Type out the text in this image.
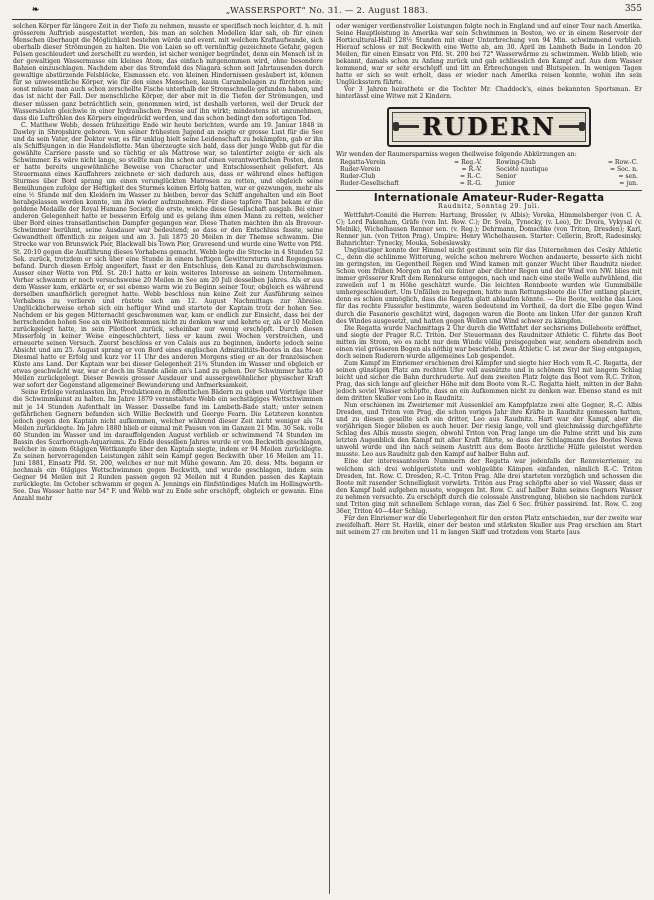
❧	„WASSERSPORT“ No. 31. — 2. August 1883.	355

solchen Körper für längere Zeit in der Tiefe zu nehmen, musste er specifisch noch leichter, d. h. mit grösserem Auftrieb ausgestattet werden, bis man an solchen Modellen klar sah, ob für einen Menschen überhaupt die Möglichkeit bestehen würde und event. mit welchem Kraftaufwande, sich oberhalb dieser Strömungen zu halten. Die von Laien so oft vernünftig gezeichnete Gefahr, gegen Felsen geschleudert und zerschellt zu werden, ist sicher weniger begründet, denn ein Mensch ist in der gewaltigen Wassermasse ein kleines Atom, das einfach mitgenommen wird, ohne besondere Bahnen einzuschlagen. Nachdem aber das Stromfeld des Niagara schon seit Jahrtausenden durch gewaltige abstürzende Felsblöcke, Eismassen etc. von kleinen Hindernissen gesäubert ist, können für so unwesentliche Körper, wie für den eines Menschen, kaum Carambolagen zu fürchten sein; sonst müsste man auch schon zerschellte Fische unterhalb der Stromschnelle gefunden haben, und das ist nicht der Fall. Der menschliche Körper, der aber mit in die Tiefen der Strömungen, und dieser müssen ganz beträchtlich sein, genommen wird, ist deshalb verloren, weil der Druck der Wassersäulen gleichwie in einer hydraulischen Presse auf ihn wirkt; mindestens ist anzunehmen, dass die Luftröhlen des Körpers eingedrückt werden, und das schon bedingt den sofortigen Tod.

C. Matthew Webb, dessen frühzeitige Ende wir heute berichten, wurde am 19. Januar 1848 in Dawley in Shropshire geboren. Von seiner frühesten Jugend an zeigte er grosse Lust für die See und da sein Vater, der Doktor war, es für unklug hielt seine Leidenschaft zu bekämpfen, gab er ihn als Schiffsjungen in die Handelsflotte. Man überzeugte sich bald, dass der junge Webb gut für die gewählte Carriere passte und so tüchtig er als Mattrose war, so talentirter zeigte er sich als Schwimmer. Es wäre nicht lange, so stellte man ihn schon auf einen verantwortlichen Posten, denn er hatte bereits ungewöhnliche Beweise von Character und Entschlossenheit geliefert. Als Steuermann eines Kauffahrers zeichnete er sich dadurch aus, dass er während eines heftigen Sturmes über Bord sprang um einen verunglückten Matrosen zu retten, und obgleich seine Bemühungen zufolge der Heftigkeit des Sturmes keinen Erfolg hatten, war er gezwungen, mehr als eine ½ Stunde mit den Kleidern im Wasser zu bleiben, bevor das Schiff angehalten und ein Boot herabgelassen werden konnte, um ihn wieder aufzunehmen. Für diese tapfere That bekam er die goldene Medaille der Royal Humane Society, die erste, welche diese Gesellschaft ausgab. Bei einer anderen Gelegenheit hatte er besseren Erfolg und es gelang ihm einen Mann zu retten, welcher über Bord eines transatlantischen Dampfer gegangen war. Diese Thaten machten ihn als Bravour-Schwimmer berühmt, seine Ausdauer war bedeutend; so dass er den Entschluss fasste, seine Gewandtheit öffentlich zu zeigen und am 3. Juli 1875 20 Meilen in der Themse schwamm. Die Strecke war von Brunswick Pier, Blackwall bis Town Pier, Gravesend und wurde eine Wette von Pfd. St. 20:10 gegen die Ausführung dieses Vorhabens gemacht. Webb legte die Strecke in 4 Stunden 52 Sek. zurück, trotzdem er sich über eine Stunde in einem heftigen Gewittersturm und Regengusss befand. Durch diesen Erfolg angeeifert, fasst er den Entschluss, den Kanal zu durchschwimmen. Ausser einer Wette von Pfd. St. 20:1 hatte er kein weiteres Interesse an seinem Unternehmen. Vorher schwamm er noch versuchsweise 20 Meilen in See am 20 Juli desselben Jahres. Als er aus dem Wasser kam, erklärte er, er sei ebenso warm wie zu Beginn seiner Tour, obgleich es während derselben unaufhörlich geregnet hatte. Webb beschloss nun keine Zeit zur Ausführung seines Vorhabens zu verlieren und rüstete sich am 12. August Nachmittags zur Abreise. Unglücklicherweise erhob sich ein heftiger Wind und startete der Kaptain trotz der hohen See. Nachdem er bis gegen Mitternacht geschwommen war, kam er endlich zur Einsicht, dass bei der herrschenden hohen See an ein Weiterkommen nicht zu denken war und kehrte er, als er 10 Meilen zurückgelegt hatte, in sein Pilotboot zurück, scheinbar nur wenig erschöpft. Durch diesen Misserfolg in keiner Weise eingeschüchtert, liess er kaum zwei Wochen verstreichen, und erneuerte seinen Versuch. Zuerst beschloss er von Calais aus zu beginnen, änderte jedoch seine Absicht und am 25. August sprang er von Bord eines englischen Admiralitäts-Bootes in das Meer. Diesmal hatte er Erfolg und kurz vor 11 Uhr des anderen Morgens stieg er an der französischen Küste ans Land. Der Kaptain war bei dieser Gelegenheit 21¾ Stunden im Wasser und obgleich er etwas geschwächt war, war er doch im Stande allein an's Land zu gehen. Der Schwimmer hatte 40 Meilen zurückgelegt. Dieser Beweis grosser Ausdauer und aussergewöhnlicher physischer Kraft war sofort der Gegenstand allgemeiner Bewunderung und Anfmerksamkeit.

Seine Erfolge veranlassten ihn, Produktionen in öffentlichen Bädern zu geben und Vorträge über die Schwimmkunst zu halten. Im Jahre 1879 veranstaltete Webb ein sechstägiges Wettschwimmen mit je 14 Stunden Aufenthalt im Wasser. Dasselbe fand im Lambeth-Bade statt; unter seinen gefährlichen Gegnern befanden sich Willie Beckwith und George Fearn. Die Letzteren konnten jedoch gegen den Kaptain nicht aufkommen, welcher während dieser Zeit nicht weniger als 74 Meilen zurücklegte. Im Jahre 1880 blieb er einmal mit Pausen von im Ganzen 21 Min. 30 Sek. volle 60 Stunden im Wasser und im darauffolgenden August verblieb er schwimmend 74 Stunden im Bassin des Scarborough-Aquariums. Zu Ende desselben Jahres wurde er von Beckwith geschlagen, welcher in einem 6tägigen Wettkampfe über den Kaptain siegte, indem er 94 Meilen zurücklegte. Zu seinen hervorragenden Leistungen zählt sein Kampf gegen Beckwith über 16 Meilen am 11. Juni 1881, Einsatz Pfd. St. 200, welches er nur mit Mühe gewann. Am 20. dess. Mts. begann er nochmals ein 6tägiges Wettschwimmen gegen Beckwith, und wurde geschlagen, indem sein Gegner 94 Meilen mit 2 Runden passen gegen 92 Meilen mit 4 Runden passen des Kaptain zurücklegte. Im October schwamm er gegen A. Jennings ein fünfstündiges Match im Hollingworth-See. Das Wasser hatte nur 54° F. und Webb war zu Ende sehr erschöpft, obgleich er gewann. Eine Anzahl mehr

oder weniger verdienstvoller Leistungen folgte noch in England und auf einer Tour nach Amerika. Seine Hauptleistung in Amerika war sein Schwimmen in Boston, wo er in einem Reservoir der Horticultural-Hall 128½ Stunden mit einer Unterbrechung von 94 Min. schwimmend verblieb. Hierauf schloss er mit Beckwith eine Wette ab, am 30. April im Lambeth Bade in London 20 Meilen, für einen Einsatz von Pfd. St. 200 bei 72° Wasserwärme zu schwimmen. Webb blieb, wie bekannt, damals schon zu Anfang zurück und gab schliesslich den Kampf auf. Aus dem Wasser kommend, war er sehr erschöpft und litt an Erbrechungen und Blutspeien. In wenigen Tagen hatte er sich so weit erholt, dass er wieder nach Amerika reisen konnte, wohin ihn sein Unglücksstern führte.

Vor 3 Jahren heirathete er die Tochter Mr. Chaddock's, eines bekannten Sportsman. Er hinterlässt eine Witwe mit 2 Kindern.

RUDERN

Wir wenden der Raumersparniss wegen theilweise folgende Abkürzungen an:

Regatta-Verein	= Reg.-V. Rowing-Club	= Row.-C.
Ruder-Verein	= R.-V. Société nautique	= Soc. n.
Ruder-Club	= R.-C. Senior	= sen.
Ruder-Gesellschaft	= R.-G. Junior	= jun.
Internationale Amateur-Ruder-Regatta
Raudnitz, Sonntag 29. Juli.

Wettfahrt-Comité die Herren: Hartung, Bressler, (v. Albis); Voreka, Himmelsberger (von C. A. C); Lord Pakenham, Gräfe (von Int. Row. C.); Dr. Svela, Tynecky, (v. Leo), Dr. Dvora, Vykysal (v. Melnik), Wichelhausen Renner sen. (v. Reg.); Dehrmann, Domschke (von Triton, Dresden); Karl, Renner jun. (von Triton Prag). Umpire: Henry Wichelhausen. Starter: Cellerin, Broft, Radesinsky. Bahnrichter: Tynecky, Mouka, Sobeslawsky.

Ungünstiger konnte der Himmel nicht gestimmt sein für das Unternehmen des Cesky Athletic C., denn die schlimme Witterung, welche schon mehrere Wochen andauerte, besserte sich nicht im geringsten, im Gegentheil Regen und Wind kamen mit ganzer Wucht über Raudnitz nieder. Schon vom frühen Morgen an fiel ein feiner aber dichter Regen und der Wind von NW. blies mit immer grösserer Kraft dem Rennkurse entgegen, nach und nach eine steile Welle aufwühlend, die zuweilen auf 1 m Höhe geschätzt wurde. Die leichten Rennboote wurden wie Gummibälle umhergeschleudert. Um Unfällen zu begegnen, hatte man Rettungsboote die Ufer entlang placirt, denn es schien unmöglich, dass die Regatta glatt ablaufen könnte. — Die Boote, welche das Loos für das rechte Flussufer bestimmte, waren bedeutend im Vortheil, da dort die Elbe gegen Wind durch die Fasanerie geschützt wird, dagegen waren die Boote am linken Ufer der ganzen Kraft des Windes ausgesetzt, und hatten gegen Wellen und Wind schwer zu kämpfen.

Die Regatta wurde Nachmittags 2 Uhr durch die Wettfahrt der sechsriems Dolleboote eröffnet, und siegte der Prager R.C. Triton. Der Steuermann des Raudnitzer Athletic C. führte das Boot mitten im Strom, wo es nicht nur dem Winde völlig preisgegeben war, sondern obendrein noch einen viel grösseren Bogen als nöthig war beschrieb. Dem Athletic C. ist zwar der Sieg entgangen, doch seinen Ruderern wurde allgemeines Lob gespendet.

Zum Kampf im Einriemer erschienen drei Kämpfer und siegte hier Hoch vom R.-C. Regatta, der seinen günstigen Platz am rechten Ufer voll ausnützte und in schönem Styl mit langem Schlag leicht und sicher die Bahn durchruderte. Auf dem zweiten Platz folgte das Boot vom R.C. Triton, Prag, das sich lange auf gleicher Höhe mit dem Boote vom R.-C. Regatta hielt, mitten in der Bahn jedoch soviel Wasser schöpfte, dass an ein Aufkommen nicht zu denken war. Ebenso stand es mit dem dritten Skuller vom Leo in Raudnitz.

Nun erschienen im Zweiriemer mit Aussenkiel am Kampfplatze zwei alte Gegner, R.-C. Albis Dresden, und Triton von Prag, die schon voriges Jahr ihre Kräfte in Raudnitz gemessen hatten, und zu diesen gesellte sich ein dritter, Leo aus Raudnitz. Hart war der Kampf, aber die vorjährigen Sieger blieben es auch heuer. Der riesig lange, voll und gleichmässig durchgeführte Schlag des Albis musste siegen, obwohl Triton von Prag lange um die Palme stritt und bis zum letzten Augenblick den Kampf mit aller Kraft führte, so dass der Schlagmann des Bootes Newa unwohl wurde und ihn nach seinem Austritt aus dem Boote ärztliche Hülfe geleistet werden musste. Leo aus Raudnitz gab den Kampf auf halber Bahn auf.

Eine der interessantesten Nummern der Regatta war jedenfalls der Rennvierriemer, zu welchem sich drei wohlgerüstete und wohlgeübte Kämpen einfanden, nämlich R.-C. Triton Dresden, Int. Row. C. Dresden, R.-C. Triton Prag. Alle drei starteten vorzüglich und schossen die Boote mit rasender Schnelligkeit vorwärts. Triton aus Prag schöpfte aber so viel Wasser, dass er den Kampf bald aufgeben musste, wogegen Int. Row. C. auf halber Bahn seines Gegners Wasser zu nehmen versuchte. Zu erschöpft durch die colossale Anstrengung, blieben sie nachdem zurück und Triton ging mit schnellem Schlage voran, das Ziel 6 Sec. früher passirend. Int. Row. C. zog 36er, Triton 40—44er Schlag.

Für den Einriemer war die Ueberlegenheit für den ersten Platz entschieden, nur der zweite war zweifelhaft. Herr St. Havlik, einer der besten und stärksten Skuller aus Prag erschien am Start mit seinem 27 cm breiten und 11 m langen Skiff und trotzdem vom Starte [aus
